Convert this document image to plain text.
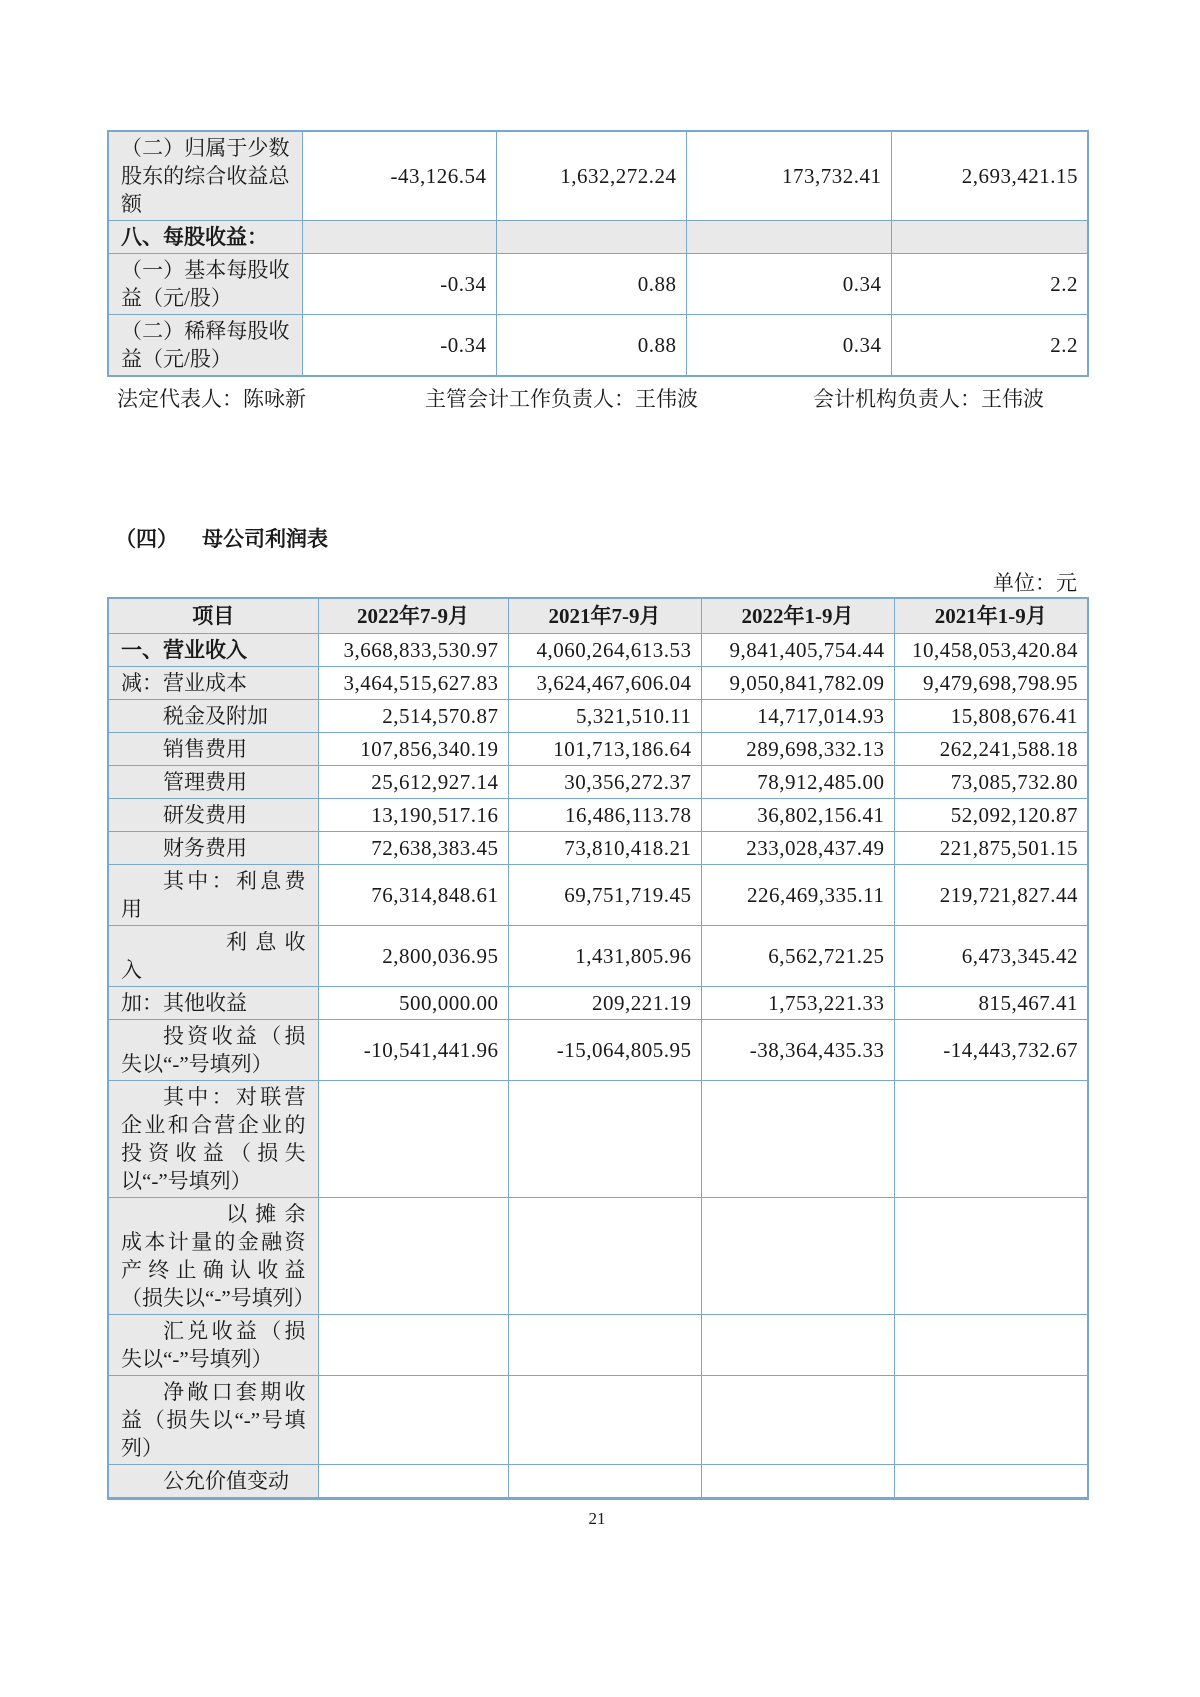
（二）归属于少数股东的综合收益总额	-43,126.54	1,632,272.24	173,732.41	2,693,421.15
八、每股收益：				
（一）基本每股收益（元/股）	-0.34	0.88	0.34	2.2
（二）稀释每股收益（元/股）	-0.34	0.88	0.34	2.2
法定代表人：陈咏新	主管会计工作负责人：王伟波	会计机构负责人：王伟波
（四） 母公司利润表
单位：元
项目	2022年7-9月	2021年7-9月	2022年1-9月	2021年1-9月
一、营业收入	3,668,833,530.97	4,060,264,613.53	9,841,405,754.44	10,458,053,420.84
减：营业成本	3,464,515,627.83	3,624,467,606.04	9,050,841,782.09	9,479,698,798.95
税金及附加	2,514,570.87	5,321,510.11	14,717,014.93	15,808,676.41
销售费用	107,856,340.19	101,713,186.64	289,698,332.13	262,241,588.18
管理费用	25,612,927.14	30,356,272.37	78,912,485.00	73,085,732.80
研发费用	13,190,517.16	16,486,113.78	36,802,156.41	52,092,120.87
财务费用	72,638,383.45	73,810,418.21	233,028,437.49	221,875,501.15
其中：利息费用	76,314,848.61	69,751,719.45	226,469,335.11	219,721,827.44
利息收入	2,800,036.95	1,431,805.96	6,562,721.25	6,473,345.42
加：其他收益	500,000.00	209,221.19	1,753,221.33	815,467.41
投资收益（损失以“-”号填列）	-10,541,441.96	-15,064,805.95	-38,364,435.33	-14,443,732.67
其中：对联营企业和合营企业的投资收益（损失以“-”号填列）				
以摊余成本计量的金融资产终止确认收益（损失以“-”号填列）				
汇兑收益（损失以“-”号填列）				
净敞口套期收益（损失以“-”号填列）				
公允价值变动				
21
